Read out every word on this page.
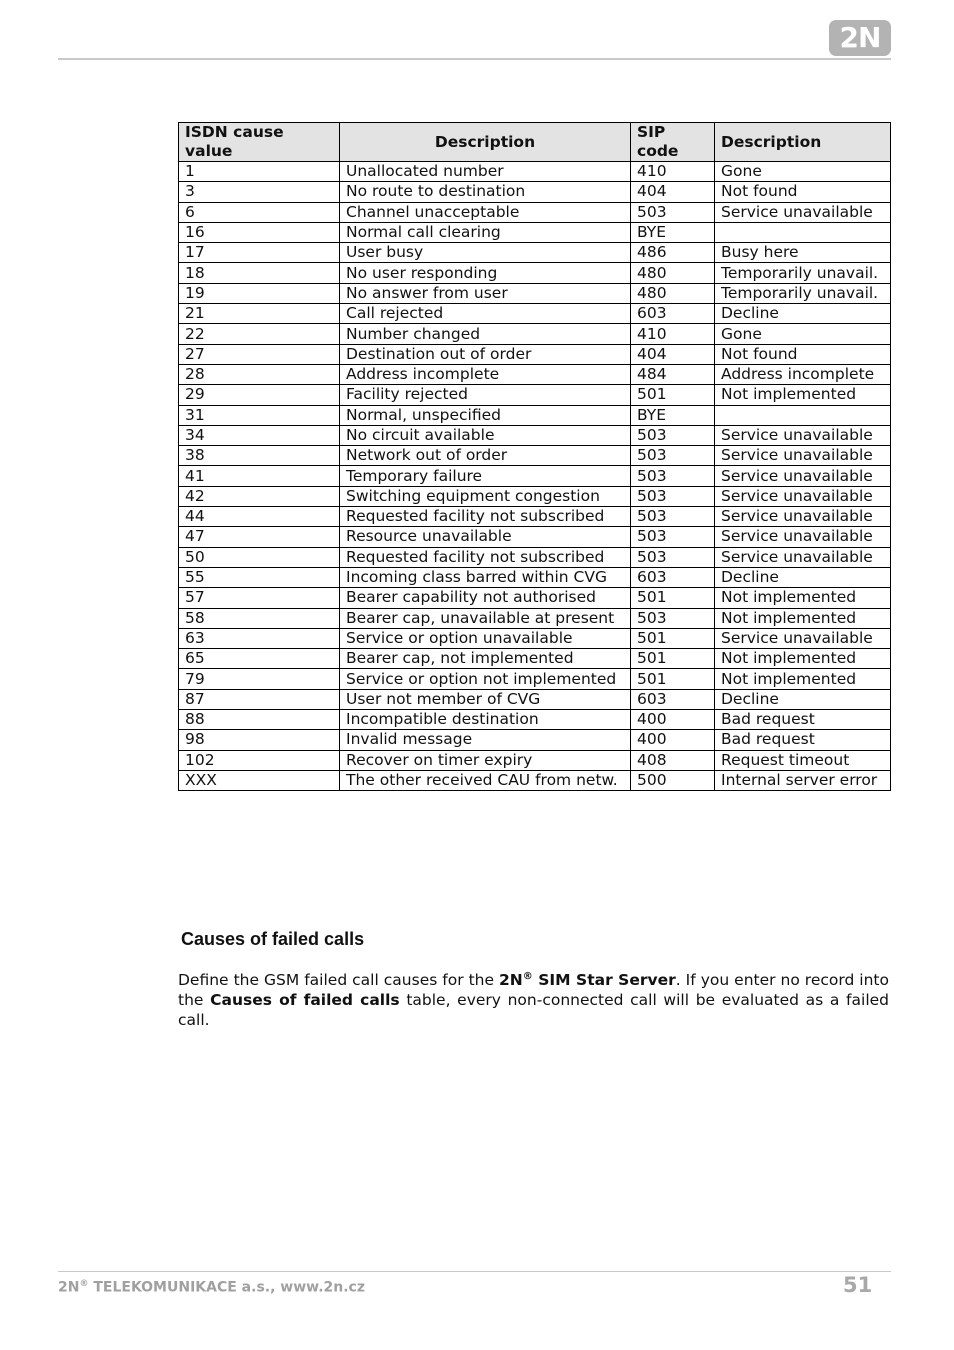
2N
ISDN cause value	Description	SIP code	Description
1	Unallocated number	410	Gone
3	No route to destination	404	Not found
6	Channel unacceptable	503	Service unavailable
16	Normal call clearing	BYE	
17	User busy	486	Busy here
18	No user responding	480	Temporarily unavail.
19	No answer from user	480	Temporarily unavail.
21	Call rejected	603	Decline
22	Number changed	410	Gone
27	Destination out of order	404	Not found
28	Address incomplete	484	Address incomplete
29	Facility rejected	501	Not implemented
31	Normal, unspecified	BYE	
34	No circuit available	503	Service unavailable
38	Network out of order	503	Service unavailable
41	Temporary failure	503	Service unavailable
42	Switching equipment congestion	503	Service unavailable
44	Requested facility not subscribed	503	Service unavailable
47	Resource unavailable	503	Service unavailable
50	Requested facility not subscribed	503	Service unavailable
55	Incoming class barred within CVG	603	Decline
57	Bearer capability not authorised	501	Not implemented
58	Bearer cap, unavailable at present	503	Not implemented
63	Service or option unavailable	501	Service unavailable
65	Bearer cap, not implemented	501	Not implemented
79	Service or option not implemented	501	Not implemented
87	User not member of CVG	603	Decline
88	Incompatible destination	400	Bad request
98	Invalid message	400	Bad request
102	Recover on timer expiry	408	Request timeout
XXX	The other received CAU from netw.	500	Internal server error
Causes of failed calls

Define the GSM failed call causes for the 2N® SIM Star Server. If you enter no record into the Causes of failed calls table, every non-connected call will be evaluated as a failed call.

2N® TELEKOMUNIKACE a.s., www.2n.cz	51
